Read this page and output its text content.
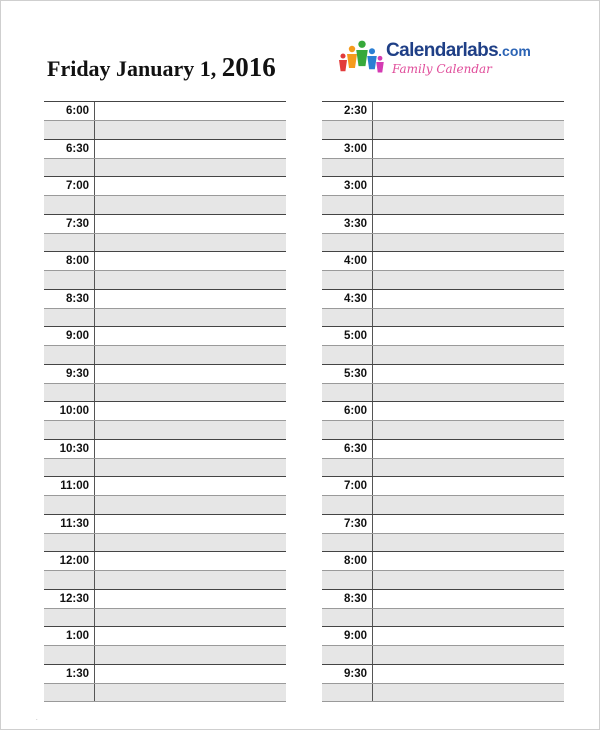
Friday January 1, 2016
Calendarlabs.com
Family Calendar
6:00
6:30
7:00
7:30
8:00
8:30
9:00
9:30
10:00
10:30
11:00
11:30
12:00
12:30
1:00
1:30
2:30
3:00
3:00
3:30
4:00
4:30
5:00
5:30
6:00
6:30
7:00
7:30
8:00
8:30
9:00
9:30
.
